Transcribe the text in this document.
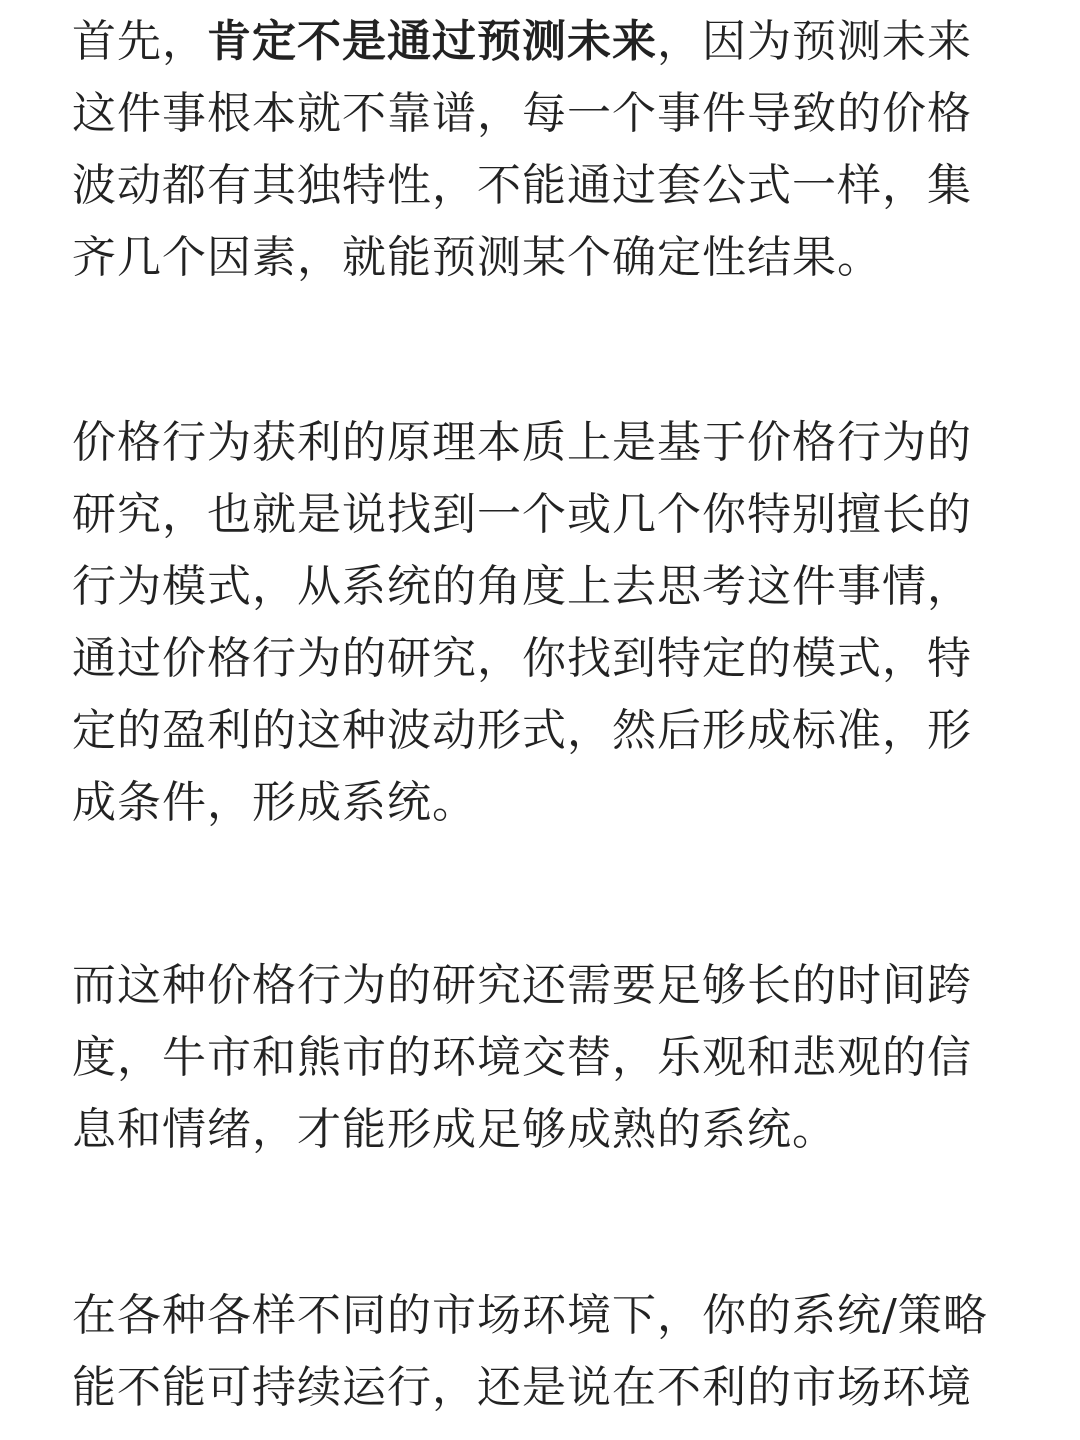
首先，肯定不是通过预测未来，因为预测未来
这件事根本就不靠谱，每一个事件导致的价格
波动都有其独特性，不能通过套公式一样，集
齐几个因素，就能预测某个确定性结果。

价格行为获利的原理本质上是基于价格行为的
研究，也就是说找到一个或几个你特别擅长的
行为模式，从系统的角度上去思考这件事情，
通过价格行为的研究，你找到特定的模式，特
定的盈利的这种波动形式，然后形成标准，形
成条件，形成系统。

而这种价格行为的研究还需要足够长的时间跨
度，牛市和熊市的环境交替，乐观和悲观的信
息和情绪，才能形成足够成熟的系统。

在各种各样不同的市场环境下，你的系统/策略
能不能可持续运行，还是说在不利的市场环境
